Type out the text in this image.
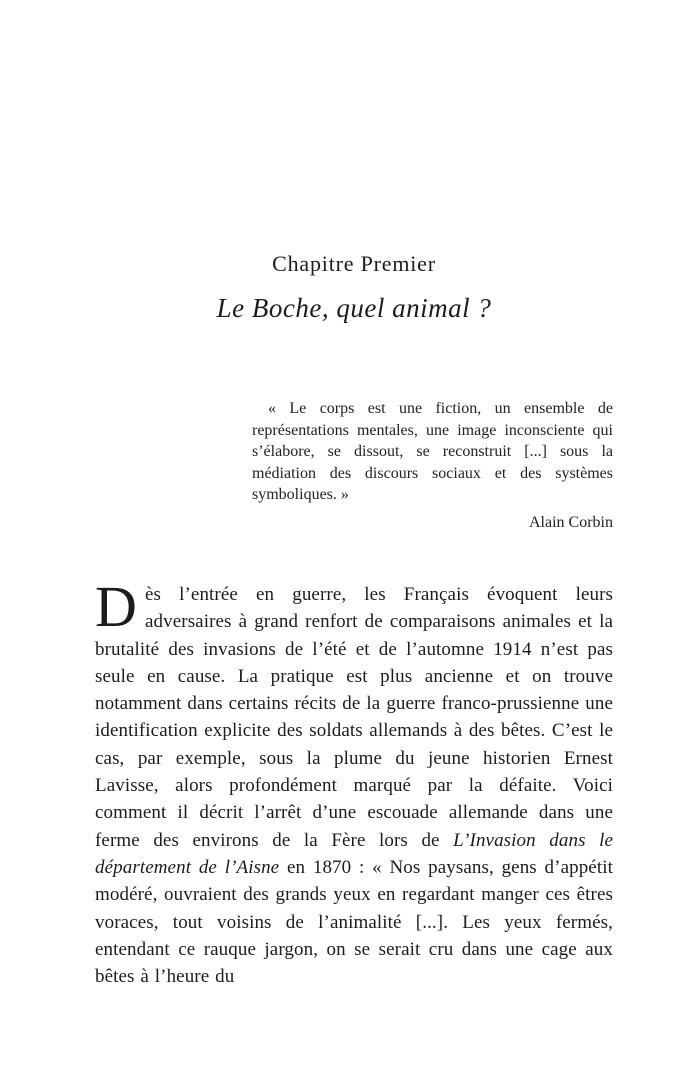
Chapitre Premier
Le Boche, quel animal ?

« Le corps est une fiction, un ensemble de représentations mentales, une image inconsciente qui s’élabore, se dissout, se reconstruit [...] sous la médiation des discours sociaux et des systèmes symboliques. »

Alain Corbin

Dès l’entrée en guerre, les Français évoquent leurs adversaires à grand renfort de comparaisons animales et la brutalité des invasions de l’été et de l’automne 1914 n’est pas seule en cause. La pratique est plus ancienne et on trouve notamment dans certains récits de la guerre franco-prussienne une identification explicite des soldats allemands à des bêtes. C’est le cas, par exemple, sous la plume du jeune historien Ernest Lavisse, alors profondément marqué par la défaite. Voici comment il décrit l’arrêt d’une escouade allemande dans une ferme des environs de la Fère lors de L’Invasion dans le département de l’Aisne en 1870 : « Nos paysans, gens d’appétit modéré, ouvraient des grands yeux en regardant manger ces êtres voraces, tout voisins de l’animalité [...]. Les yeux fermés, entendant ce rauque jargon, on se serait cru dans une cage aux bêtes à l’heure du
